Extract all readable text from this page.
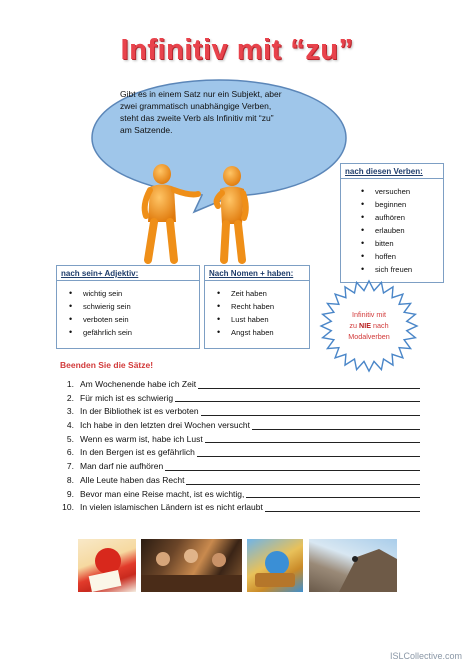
Infinitiv mit “zu”
Gibt es in einem Satz nur ein Subjekt, aber
zwei grammatisch unabhängige Verben,
steht das zweite Verb als Infinitiv mit “zu”
am Satzende.
nach diesen Verben:
• versuchen
• beginnen
• aufhören
• erlauben
• bitten
• hoffen
• sich freuen
nach sein+ Adjektiv:
• wichtig sein
• schwierig sein
• verboten sein
• gefährlich sein
Nach Nomen + haben:
• Zeit haben
• Recht haben
• Lust haben
• Angst haben
Infinitiv mit
zu NIE nach
Modalverben
Beenden Sie die Sätze!
1. Am Wochenende habe ich Zeit
2. Für mich ist es schwierig
3. In der Bibliothek ist es verboten
4. Ich habe in den letzten drei Wochen versucht
5. Wenn es warm ist, habe ich Lust
6. In den Bergen ist es gefährlich
7. Man darf nie aufhören
8. Alle Leute haben das Recht
9. Bevor man eine Reise macht, ist es wichtig,
10. In vielen islamischen Ländern ist es nicht erlaubt
ISLCollective.com
